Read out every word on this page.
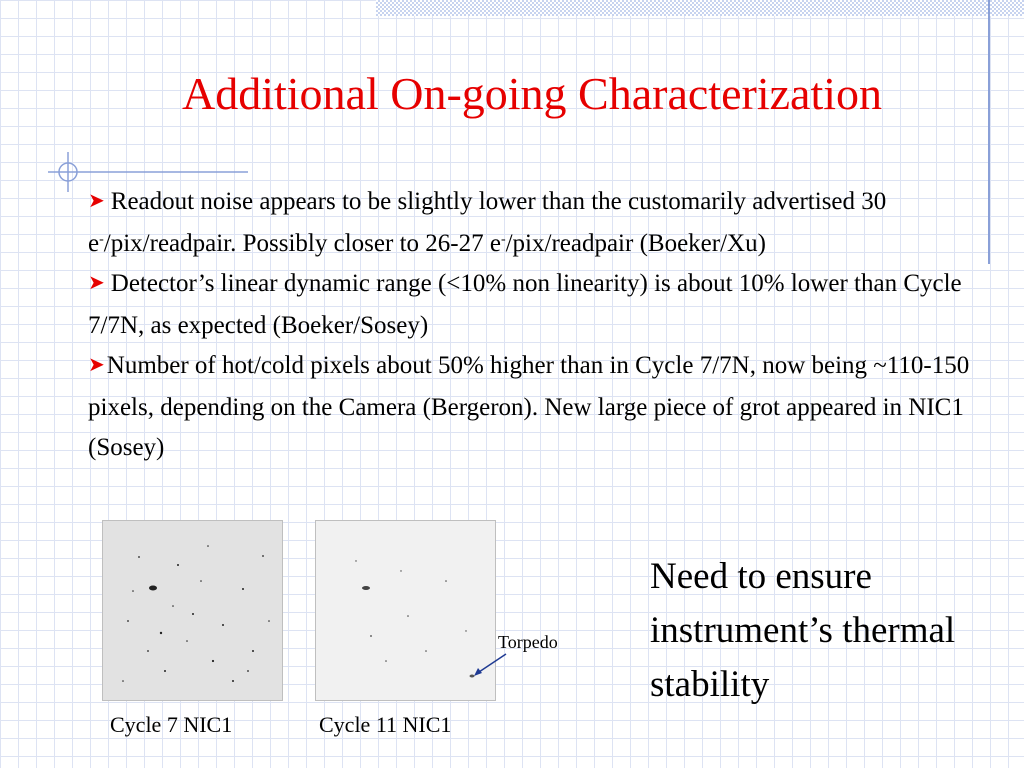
Additional On-going Characterization

➤ Readout noise appears to be slightly lower than the customarily advertised 30 e-/pix/readpair. Possibly closer to 26-27 e-/pix/readpair (Boeker/Xu)

➤ Detector’s linear dynamic range (<10% non linearity) is about 10% lower than Cycle 7/7N, as expected (Boeker/Sosey)

➤Number of hot/cold pixels about 50% higher than in Cycle 7/7N, now being ~110-150 pixels, depending on the Camera (Bergeron). New large piece of grot appeared in NIC1 (Sosey)

Cycle 7 NIC1	Cycle 11 NIC1
Torpedo
Need to ensure instrument’s thermal stability
